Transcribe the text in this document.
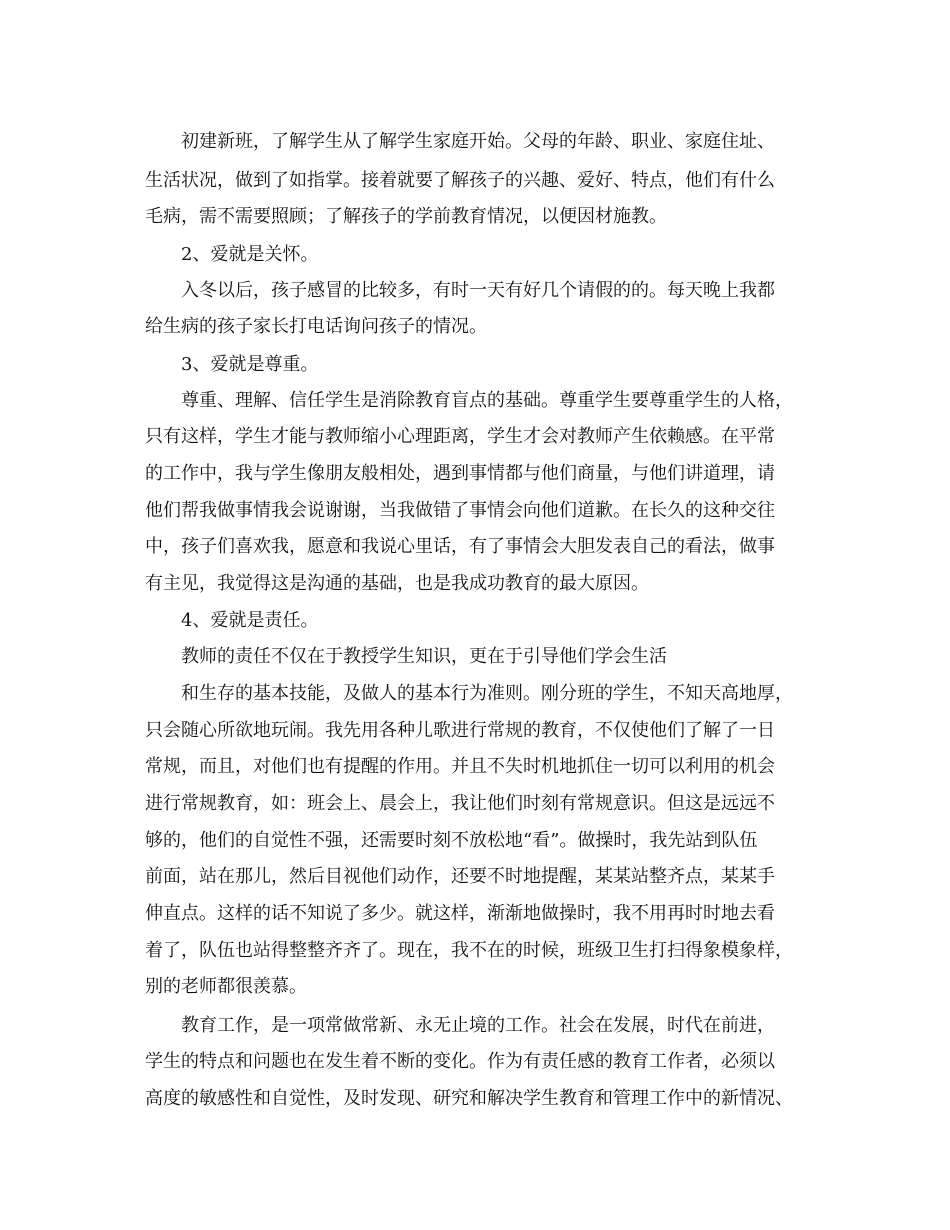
初建新班，了解学生从了解学生家庭开始。父母的年龄、职业、家庭住址、
生活状况，做到了如指掌。接着就要了解孩子的兴趣、爱好、特点，他们有什么
毛病，需不需要照顾；了解孩子的学前教育情况，以便因材施教。
2、爱就是关怀。
入冬以后，孩子感冒的比较多，有时一天有好几个请假的的。每天晚上我都
给生病的孩子家长打电话询问孩子的情况。
3、爱就是尊重。
尊重、理解、信任学生是消除教育盲点的基础。尊重学生要尊重学生的人格，
只有这样，学生才能与教师缩小心理距离，学生才会对教师产生依赖感。在平常
的工作中，我与学生像朋友般相处，遇到事情都与他们商量，与他们讲道理，请
他们帮我做事情我会说谢谢，当我做错了事情会向他们道歉。在长久的这种交往
中，孩子们喜欢我，愿意和我说心里话，有了事情会大胆发表自己的看法，做事
有主见，我觉得这是沟通的基础，也是我成功教育的最大原因。
4、爱就是责任。
教师的责任不仅在于教授学生知识，更在于引导他们学会生活
和生存的基本技能，及做人的基本行为准则。刚分班的学生，不知天高地厚，
只会随心所欲地玩闹。我先用各种儿歌进行常规的教育，不仅使他们了解了一日
常规，而且，对他们也有提醒的作用。并且不失时机地抓住一切可以利用的机会
进行常规教育，如：班会上、晨会上，我让他们时刻有常规意识。但这是远远不
够的，他们的自觉性不强，还需要时刻不放松地“看”。做操时，我先站到队伍
前面，站在那儿，然后目视他们动作，还要不时地提醒，某某站整齐点，某某手
伸直点。这样的话不知说了多少。就这样，渐渐地做操时，我不用再时时地去看
着了，队伍也站得整整齐齐了。现在，我不在的时候，班级卫生打扫得象模象样，
别的老师都很羡慕。
教育工作，是一项常做常新、永无止境的工作。社会在发展，时代在前进，
学生的特点和问题也在发生着不断的变化。作为有责任感的教育工作者，必须以
高度的敏感性和自觉性，及时发现、研究和解决学生教育和管理工作中的新情况、
